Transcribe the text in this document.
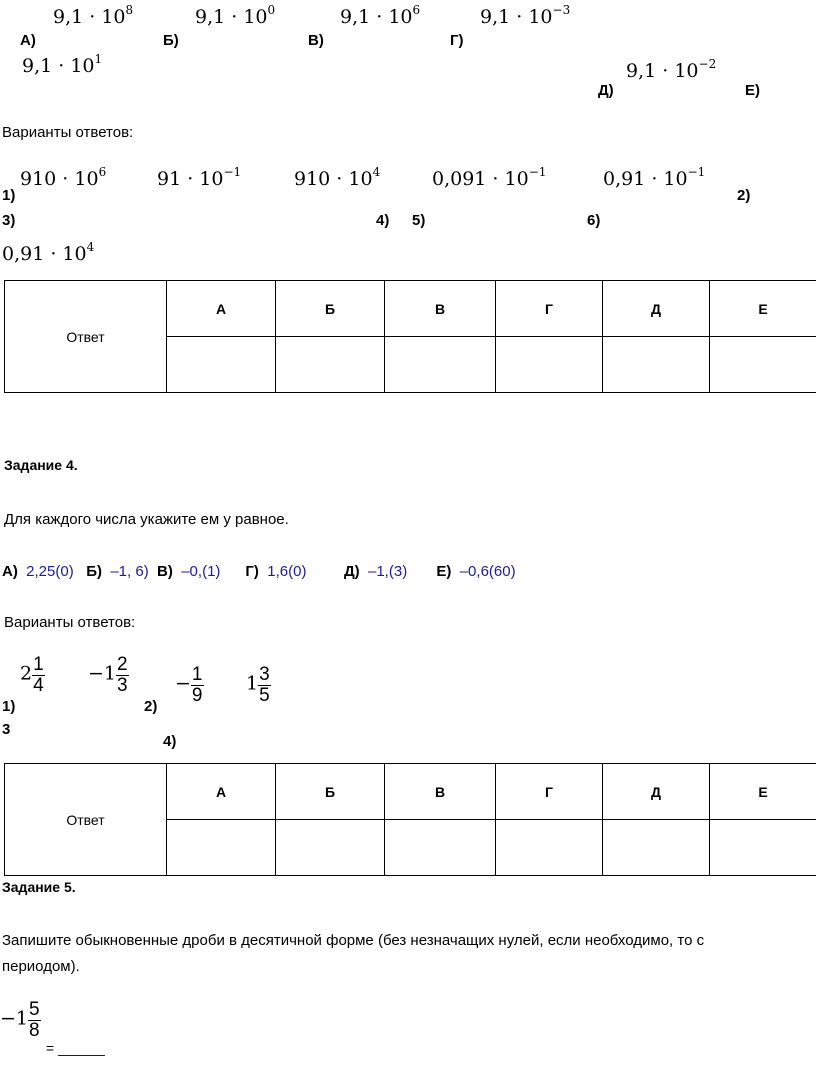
А)
$9,1 \cdot 10^8$
Б)
$9,1 \cdot 10^0$
В)
$9,1 \cdot 10^6$
Г)
$9,1 \cdot 10^{-3}$
$9,1 \cdot 10^1$
Д)
$9,1 \cdot 10^{-2}$
Е)
Варианты ответов:
$910 \cdot 10^6$	$91 \cdot 10^{-1}$	$910 \cdot 10^4$	$0,091 \cdot 10^{-1}$	$0,91 \cdot 10^{-1}$
$0,91 \cdot 10^4$
1)	2)
3)	4) 5)	6)
Ответ	А	Б	В	Г	Д	Е

Задание 4.
Для каждого числа укажите ем у равное.
А) 2,25(0) Б) –1, 6) В) –0,(1) Г) 1,6(0)	Д) –1,(3) Е) –0,6(60)
Варианты ответов:
$2 \frac{1}{4} -1 \frac{2}{3} - \frac{1}{9} 1 \frac{3}{5}$
1)	2)
3
4)
Ответ	А	Б	В	Г	Д	Е

Задание 5.
Запишите обыкновенные дроби в десятичной форме (без незначащих нулей, если необходимо, то с
периодом).
$-1 \frac{5}{8}$
= ______
